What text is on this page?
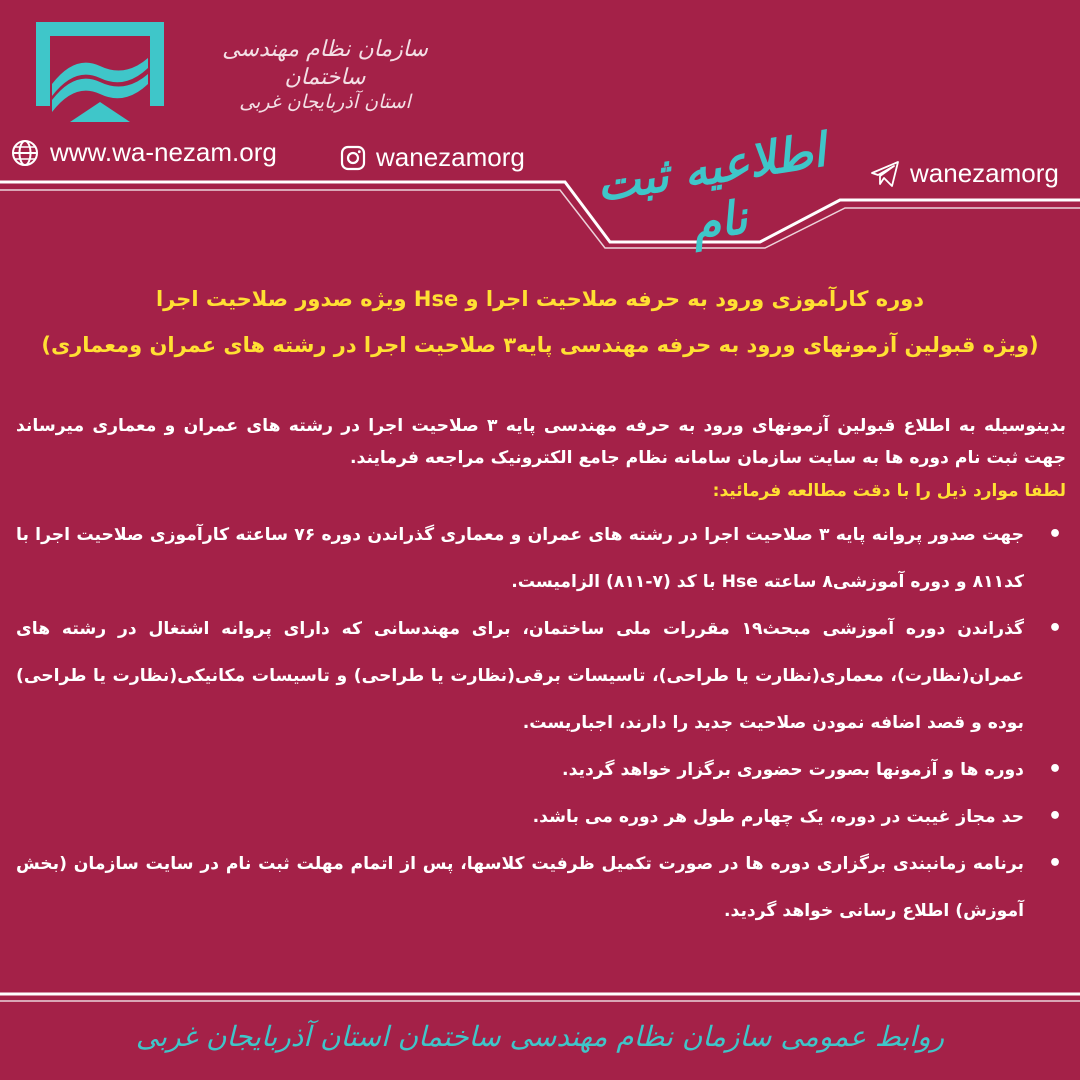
سازمان نظام مهندسی ساختمان
استان آذربایجان غربی
www.wa-nezam.org	wanezamorg
wanezamorg
اطلاعیه ثبت نام
دوره کارآموزی ورود به حرفه صلاحیت اجرا و Hse ویژه صدور صلاحیت اجرا
(ویژه قبولین آزمونهای ورود به حرفه مهندسی پایه۳ صلاحیت اجرا در رشته های عمران ومعماری)

بدینوسیله به اطلاع قبولین آزمونهای ورود به حرفه مهندسی پایه ۳ صلاحیت اجرا در رشته های عمران و معماری میرساند جهت ثبت نام دوره ها به سایت سازمان سامانه نظام جامع الکترونیک مراجعه فرمایند.

لطفا موارد ذیل را با دقت مطالعه فرمائید:

•
جهت صدور پروانه پایه ۳ صلاحیت اجرا در رشته های عمران و معماری گذراندن دوره ۷۶ ساعته کارآموزی صلاحیت اجرا با کد۸۱۱ و دوره آموزشی۸ ساعته Hse با کد (۷-۸۱۱) الزامیست.
•
گذراندن دوره آموزشی مبحث۱۹ مقررات ملی ساختمان، برای مهندسانی که دارای پروانه اشتغال در رشته های عمران(نظارت)، معماری(نظارت یا طراحی)، تاسیسات برقی(نظارت یا طراحی) و تاسیسات مکانیکی(نظارت یا طراحی) بوده و قصد اضافه نمودن صلاحیت جدید را دارند، اجباریست.
•
دوره ها و آزمونها بصورت حضوری برگزار خواهد گردید.
•
حد مجاز غیبت در دوره، یک چهارم طول هر دوره می باشد.
•
برنامه زمانبندی برگزاری دوره ها در صورت تکمیل ظرفیت کلاسها، پس از اتمام مهلت ثبت نام در سایت سازمان (بخش آموزش) اطلاع رسانی خواهد گردید.
روابط عمومی سازمان نظام مهندسی ساختمان استان آذربایجان غربی
